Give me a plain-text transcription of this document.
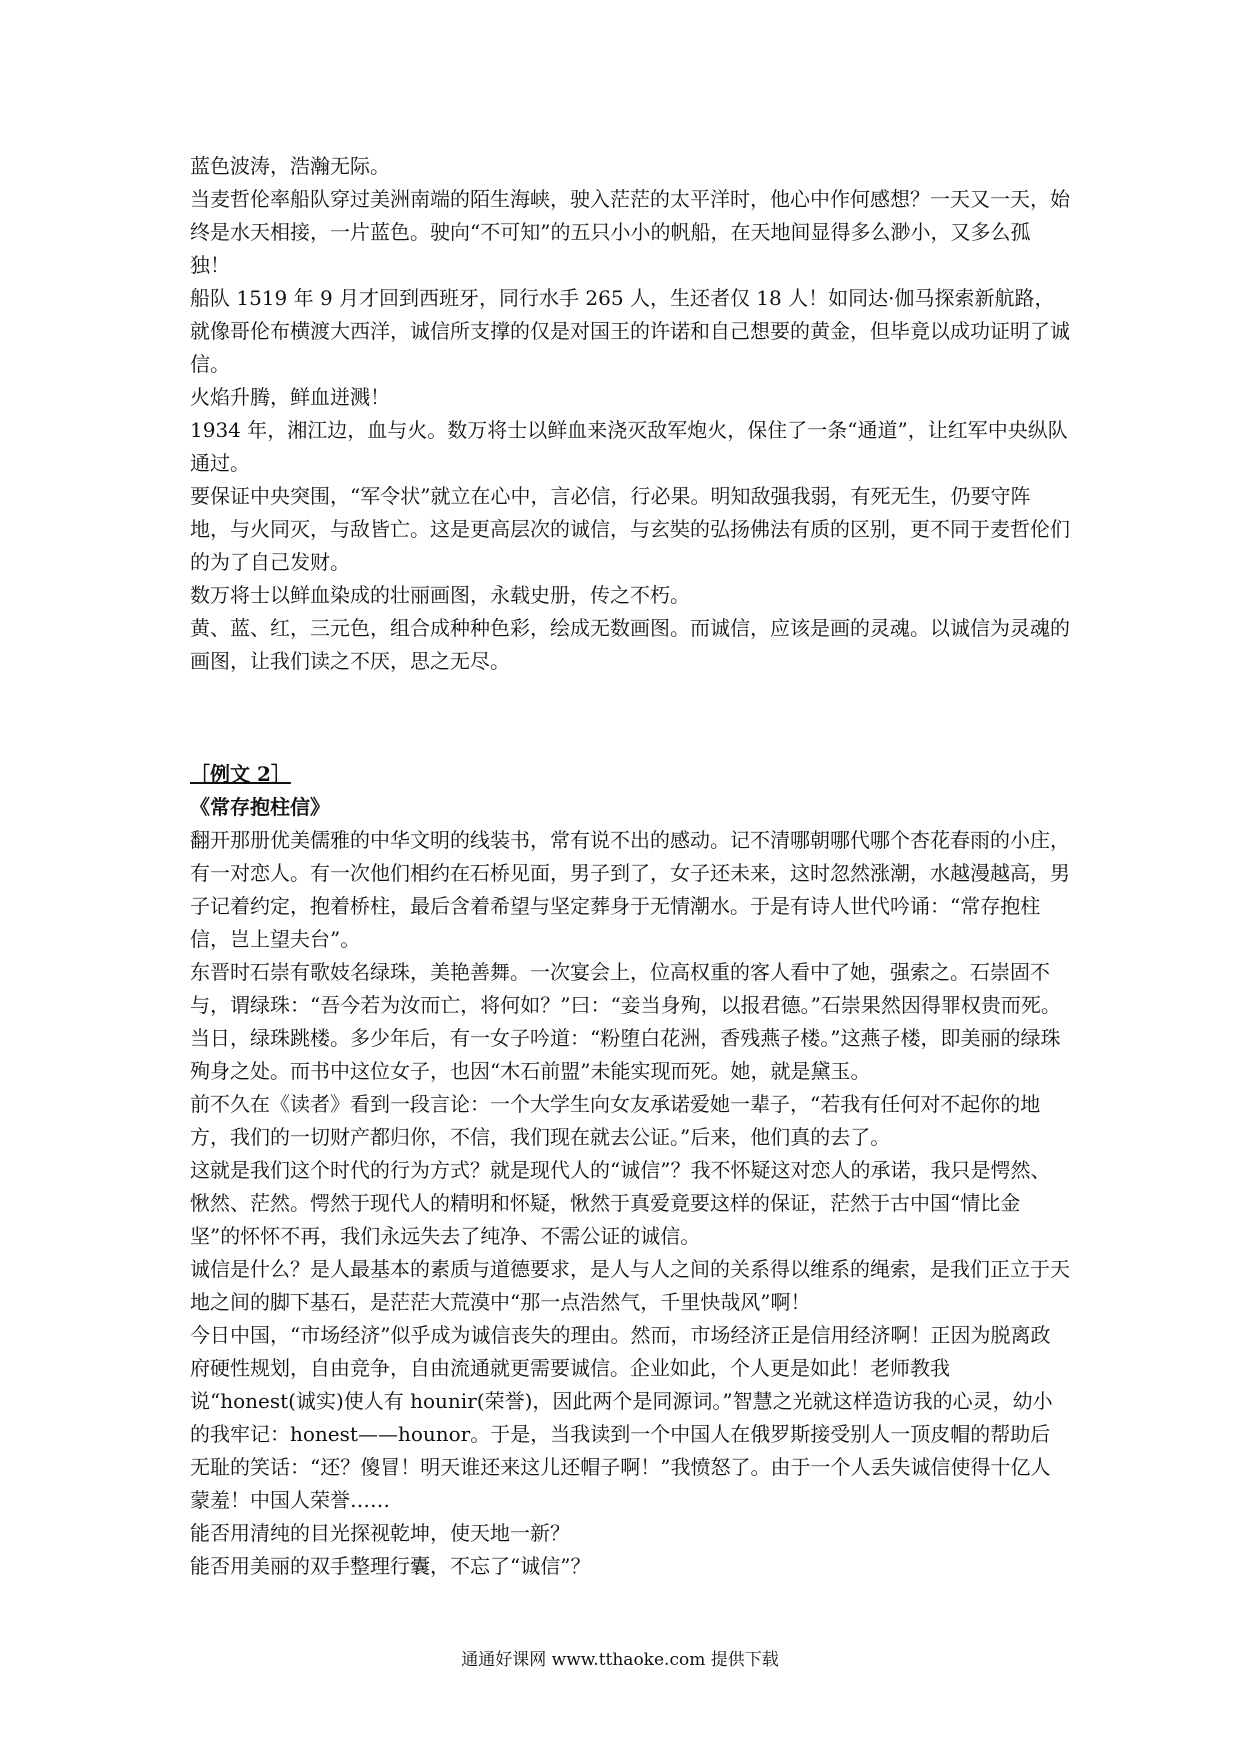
蓝色波涛，浩瀚无际。

当麦哲伦率船队穿过美洲南端的陌生海峡，驶入茫茫的太平洋时，他心中作何感想？一天又一天，始终是水天相接，一片蓝色。驶向“不可知”的五只小小的帆船，在天地间显得多么渺小，又多么孤独！

船队 1519 年 9 月才回到西班牙，同行水手 265 人，生还者仅 18 人！如同达·伽马探索新航路，就像哥伦布横渡大西洋，诚信所支撑的仅是对国王的许诺和自己想要的黄金，但毕竟以成功证明了诚信。

火焰升腾，鲜血迸溅！

1934 年，湘江边，血与火。数万将士以鲜血来浇灭敌军炮火，保住了一条“通道”，让红军中央纵队通过。

要保证中央突围，“军令状”就立在心中，言必信，行必果。明知敌强我弱，有死无生，仍要守阵地，与火同灭，与敌皆亡。这是更高层次的诚信，与玄奘的弘扬佛法有质的区别，更不同于麦哲伦们的为了自己发财。

数万将士以鲜血染成的壮丽画图，永载史册，传之不朽。

黄、蓝、红，三元色，组合成种种色彩，绘成无数画图。而诚信，应该是画的灵魂。以诚信为灵魂的画图，让我们读之不厌，思之无尽。

［例文 2］

《常存抱柱信》

翻开那册优美儒雅的中华文明的线装书，常有说不出的感动。记不清哪朝哪代哪个杏花春雨的小庄，有一对恋人。有一次他们相约在石桥见面，男子到了，女子还未来，这时忽然涨潮，水越漫越高，男子记着约定，抱着桥柱，最后含着希望与坚定葬身于无情潮水。于是有诗人世代吟诵：“常存抱柱信，岂上望夫台”。

东晋时石崇有歌妓名绿珠，美艳善舞。一次宴会上，位高权重的客人看中了她，强索之。石崇固不与，谓绿珠：“吾今若为汝而亡，将何如？”曰：“妾当身殉，以报君德。”石崇果然因得罪权贵而死。当日，绿珠跳楼。多少年后，有一女子吟道：“粉堕白花洲，香残燕子楼。”这燕子楼，即美丽的绿珠殉身之处。而书中这位女子，也因“木石前盟”未能实现而死。她，就是黛玉。

前不久在《读者》看到一段言论：一个大学生向女友承诺爱她一辈子，“若我有任何对不起你的地方，我们的一切财产都归你，不信，我们现在就去公证。”后来，他们真的去了。

这就是我们这个时代的行为方式？就是现代人的“诚信”？我不怀疑这对恋人的承诺，我只是愕然、愀然、茫然。愕然于现代人的精明和怀疑，愀然于真爱竟要这样的保证，茫然于古中国“情比金坚”的怀怀不再，我们永远失去了纯净、不需公证的诚信。

诚信是什么？是人最基本的素质与道德要求，是人与人之间的关系得以维系的绳索，是我们正立于天地之间的脚下基石，是茫茫大荒漠中“那一点浩然气，千里快哉风”啊！

今日中国，“市场经济”似乎成为诚信丧失的理由。然而，市场经济正是信用经济啊！正因为脱离政府硬性规划，自由竞争，自由流通就更需要诚信。企业如此，个人更是如此！老师教我说“honest(诚实)使人有 hounir(荣誉)，因此两个是同源词。”智慧之光就这样造访我的心灵，幼小的我牢记：honest——hounor。于是，当我读到一个中国人在俄罗斯接受别人一顶皮帽的帮助后无耻的笑话：“还？傻冒！明天谁还来这儿还帽子啊！”我愤怒了。由于一个人丢失诚信使得十亿人蒙羞！中国人荣誉……

能否用清纯的目光探视乾坤，使天地一新？

能否用美丽的双手整理行囊，不忘了“诚信”？

通通好课网 www.tthaoke.com 提供下载
